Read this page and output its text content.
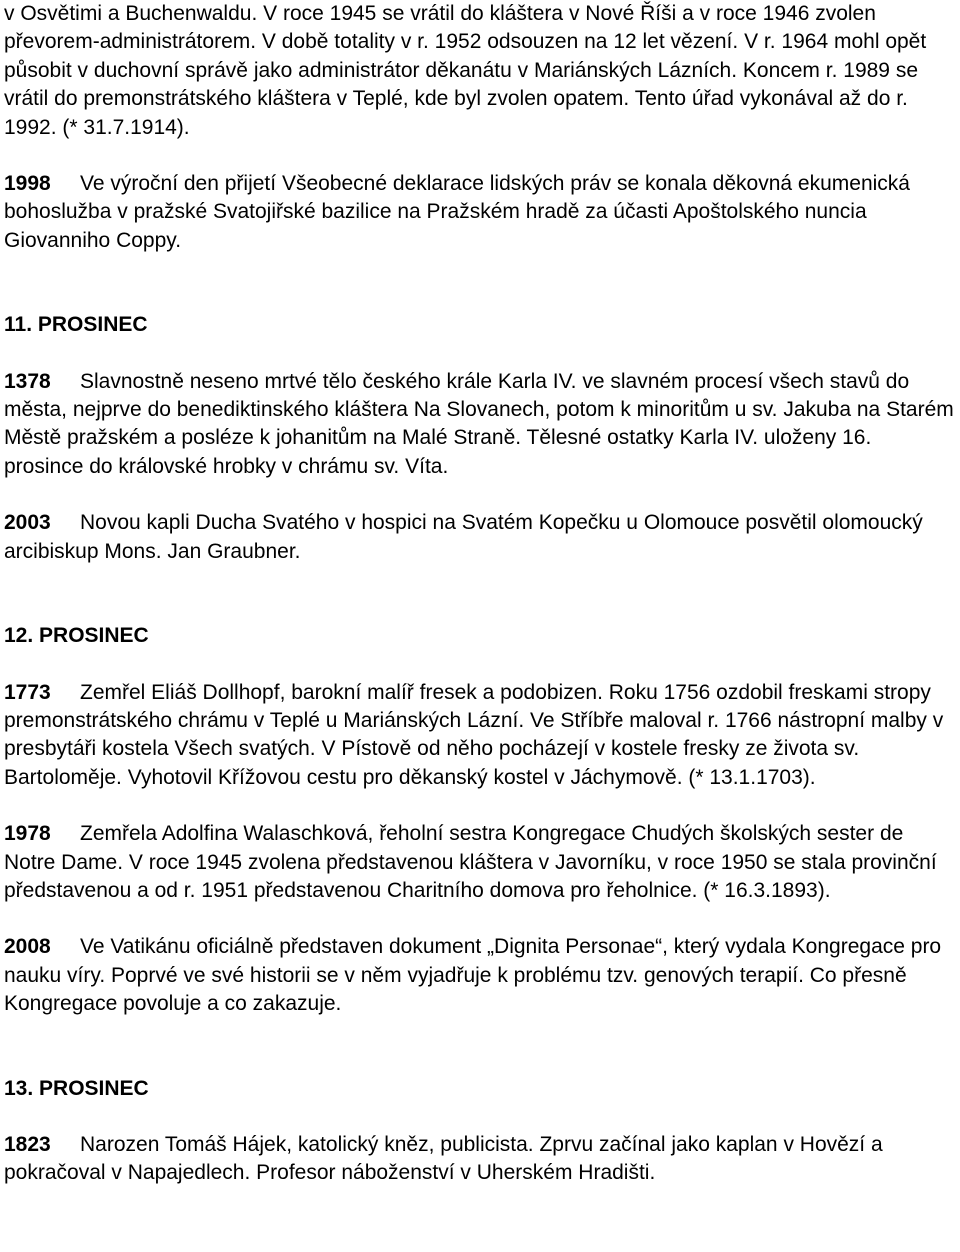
v Osvětimi a Buchenwaldu. V roce 1945 se vrátil do kláštera v Nové Říši a v roce 1946 zvolen převorem-administrátorem. V době totality v r. 1952 odsouzen na 12 let vězení. V r. 1964 mohl opět působit v duchovní správě jako administrátor děkanátu v Mariánských Lázních. Koncem r. 1989 se vrátil do premonstrátského kláštera v Teplé, kde byl zvolen opatem. Tento úřad vykonával až do r. 1992. (* 31.7.1914).

1998 Ve výroční den přijetí Všeobecné deklarace lidských práv se konala děkovná ekumenická bohoslužba v pražské Svatojiřské bazilice na Pražském hradě za účasti Apoštolského nuncia Giovanniho Coppy.

11. PROSINEC

1378 Slavnostně neseno mrtvé tělo českého krále Karla IV. ve slavném procesí všech stavů do města, nejprve do benediktinského kláštera Na Slovanech, potom k minoritům u sv. Jakuba na Starém Městě pražském a posléze k johanitům na Malé Straně. Tělesné ostatky Karla IV. uloženy 16. prosince do královské hrobky v chrámu sv. Víta.

2003 Novou kapli Ducha Svatého v hospici na Svatém Kopečku u Olomouce posvětil olomoucký arcibiskup Mons. Jan Graubner.

12. PROSINEC

1773 Zemřel Eliáš Dollhopf, barokní malíř fresek a podobizen. Roku 1756 ozdobil freskami stropy premonstrátského chrámu v Teplé u Mariánských Lázní. Ve Stříbře maloval r. 1766 nástropní malby v presbytáři kostela Všech svatých. V Pístově od něho pocházejí v kostele fresky ze života sv. Bartoloměje. Vyhotovil Křížovou cestu pro děkanský kostel v Jáchymově. (* 13.1.1703).

1978 Zemřela Adolfina Walaschková, řeholní sestra Kongregace Chudých školských sester de Notre Dame. V roce 1945 zvolena představenou kláštera v Javorníku, v roce 1950 se stala provinční představenou a od r. 1951 představenou Charitního domova pro řeholnice. (* 16.3.1893).

2008 Ve Vatikánu oficiálně představen dokument „Dignita Personae“, který vydala Kongregace pro nauku víry. Poprvé ve své historii se v něm vyjadřuje k problému tzv. genových terapií. Co přesně Kongregace povoluje a co zakazuje.

13. PROSINEC

1823 Narozen Tomáš Hájek, katolický kněz, publicista. Zprvu začínal jako kaplan v Hovězí a pokračoval v Napajedlech. Profesor náboženství v Uherském Hradišti.
